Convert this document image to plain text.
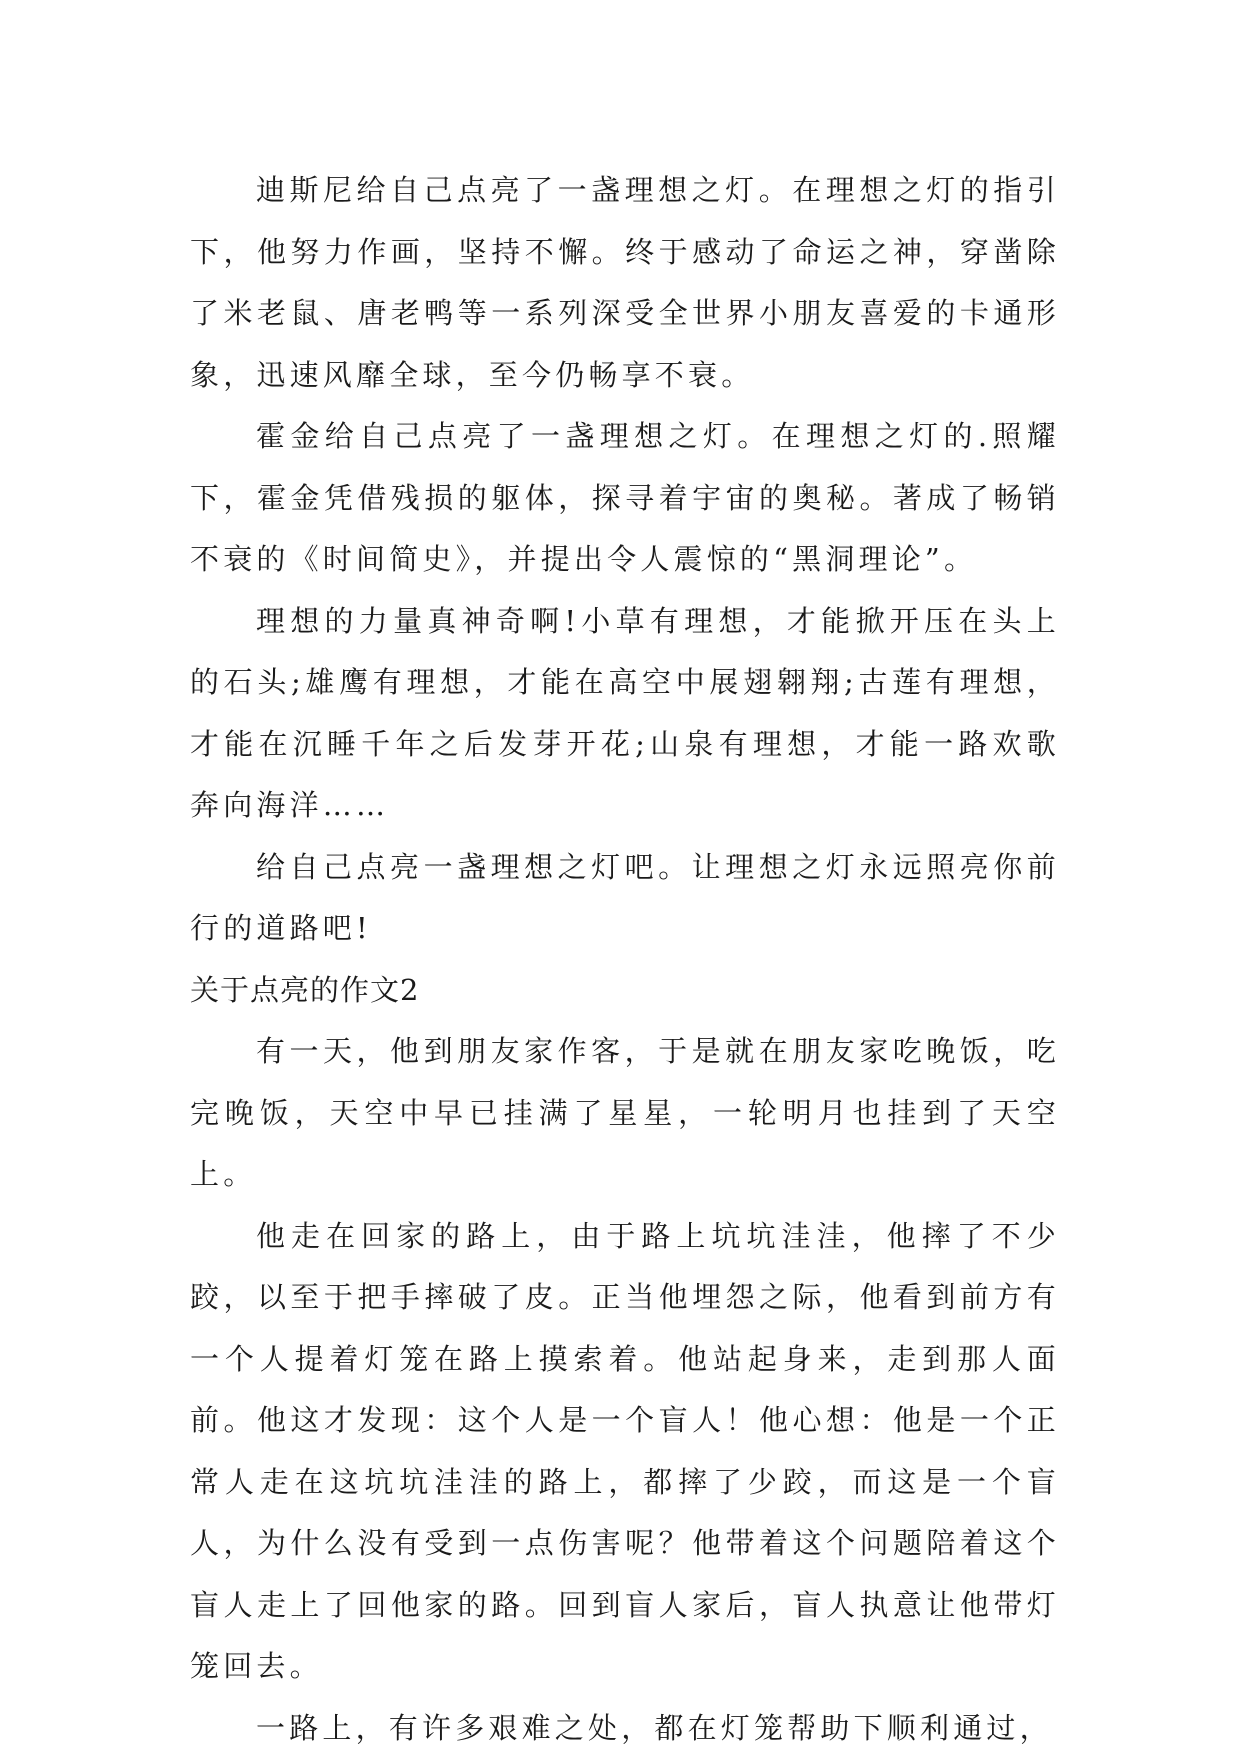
迪斯尼给自己点亮了一盏理想之灯。在理想之灯的指引下，他努力作画，坚持不懈。终于感动了命运之神，穿凿除了米老鼠、唐老鸭等一系列深受全世界小朋友喜爱的卡通形象，迅速风靡全球，至今仍畅享不衰。

霍金给自己点亮了一盏理想之灯。在理想之灯的.照耀下，霍金凭借残损的躯体，探寻着宇宙的奥秘。著成了畅销不衰的《时间简史》，并提出令人震惊的“黑洞理论”。

理想的力量真神奇啊!小草有理想，才能掀开压在头上的石头;雄鹰有理想，才能在高空中展翅翱翔;古莲有理想，才能在沉睡千年之后发芽开花;山泉有理想，才能一路欢歌奔向海洋……

给自己点亮一盏理想之灯吧。让理想之灯永远照亮你前行的道路吧!

关于点亮的作文2

有一天，他到朋友家作客，于是就在朋友家吃晚饭，吃完晚饭，天空中早已挂满了星星，一轮明月也挂到了天空上。

他走在回家的路上，由于路上坑坑洼洼，他摔了不少跤，以至于把手摔破了皮。正当他埋怨之际，他看到前方有一个人提着灯笼在路上摸索着。他站起身来，走到那人面前。他这才发现：这个人是一个盲人！他心想：他是一个正常人走在这坑坑洼洼的路上，都摔了少跤，而这是一个盲人，为什么没有受到一点伤害呢？他带着这个问题陪着这个盲人走上了回他家的路。回到盲人家后，盲人执意让他带灯笼回去。

一路上，有许多艰难之处，都在灯笼帮助下顺利通过，
